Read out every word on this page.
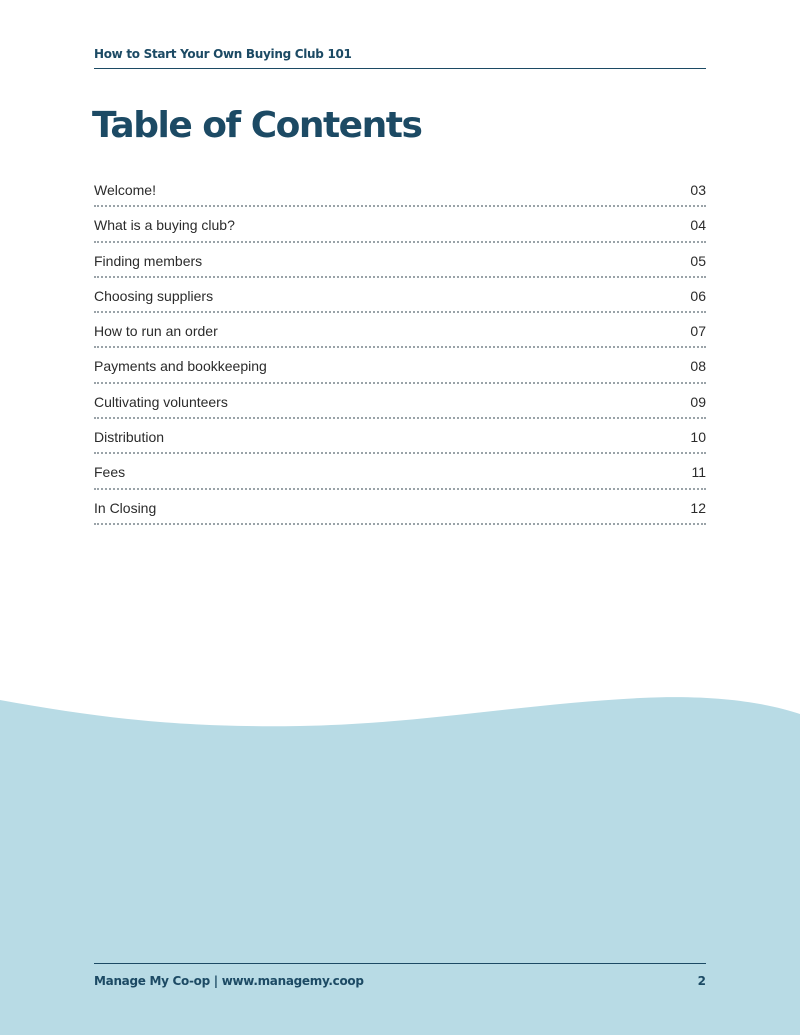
How to Start Your Own Buying Club 101
Table of Contents
Welcome!	03
What is a buying club?	04
Finding members	05
Choosing suppliers	06
How to run an order	07
Payments and bookkeeping	08
Cultivating volunteers	09
Distribution	10
Fees	11
In Closing	12
Manage My Co-op | www.managemy.coop	2
